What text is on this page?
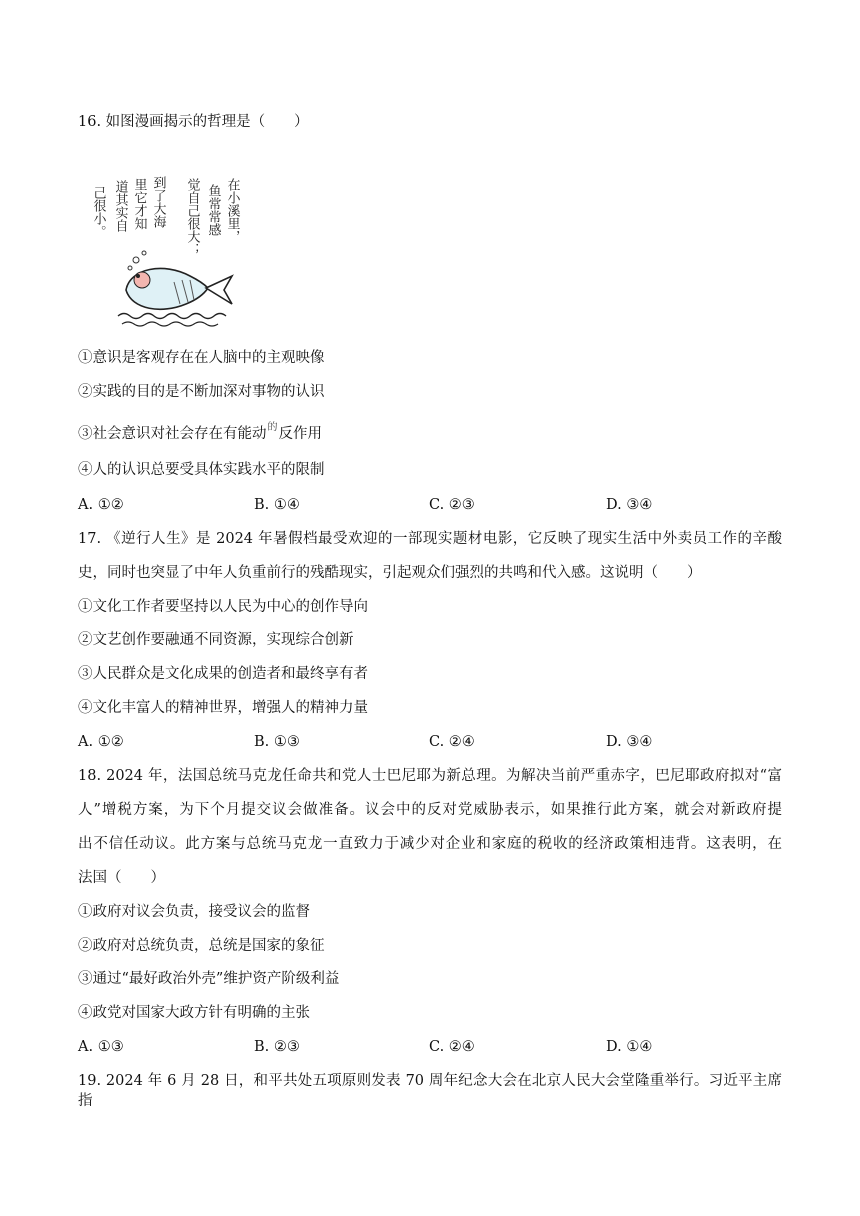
16. 如图漫画揭示的哲理是（　　）
在小溪里，
鱼常常感
觉自己很大；
到了大海
里它才知
道其实自
己很小。
①意识是客观存在在人脑中的主观映像
②实践的目的是不断加深对事物的认识
③社会意识对社会存在有能动$^的$反作用
④人的认识总要受具体实践水平的限制
A. ①②	B. ①④	C. ②③	D. ③④
17. 《逆行人生》是 2024 年暑假档最受欢迎的一部现实题材电影，它反映了现实生活中外卖员工作的辛酸
史，同时也突显了中年人负重前行的残酷现实，引起观众们强烈的共鸣和代入感。这说明（　　）
①文化工作者要坚持以人民为中心的创作导向
②文艺创作要融通不同资源，实现综合创新
③人民群众是文化成果的创造者和最终享有者
④文化丰富人的精神世界，增强人的精神力量
A. ①②	B. ①③	C. ②④	D. ③④
18. 2024 年，法国总统马克龙任命共和党人士巴尼耶为新总理。为解决当前严重赤字，巴尼耶政府拟对“富
人”增税方案，为下个月提交议会做准备。议会中的反对党威胁表示，如果推行此方案，就会对新政府提
出不信任动议。此方案与总统马克龙一直致力于减少对企业和家庭的税收的经济政策相违背。这表明，在
法国（　　）
①政府对议会负责，接受议会的监督
②政府对总统负责，总统是国家的象征
③通过“最好政治外壳”维护资产阶级利益
④政党对国家大政方针有明确的主张
A. ①③	B. ②③	C. ②④	D. ①④
19. 2024 年 6 月 28 日，和平共处五项原则发表 70 周年纪念大会在北京人民大会堂隆重举行。习近平主席指
